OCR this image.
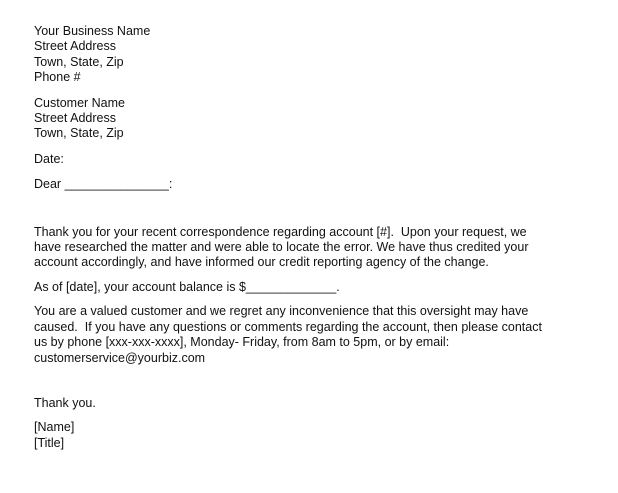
Your Business Name
Street Address
Town, State, Zip
Phone #
Customer Name
Street Address
Town, State, Zip
Date:
Dear _______________:
Thank you for your recent correspondence regarding account [#].  Upon your request, we
have researched the matter and were able to locate the error. We have thus credited your
account accordingly, and have informed our credit reporting agency of the change.
As of [date], your account balance is $_____________.
You are a valued customer and we regret any inconvenience that this oversight may have
caused.  If you have any questions or comments regarding the account, then please contact
us by phone [xxx-xxx-xxxx], Monday- Friday, from 8am to 5pm, or by email:
customerservice@yourbiz.com
Thank you.
[Name]
[Title]
